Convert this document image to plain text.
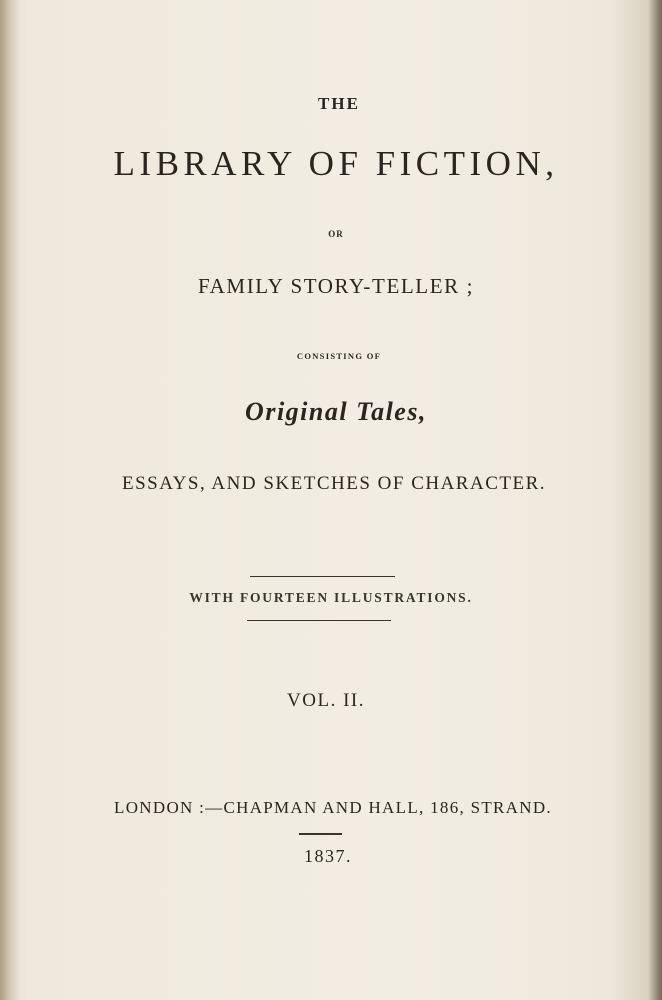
THE
LIBRARY OF FICTION,
OR
FAMILY STORY-TELLER ;
CONSISTING OF
Original Tales,
ESSAYS, AND SKETCHES OF CHARACTER.
WITH FOURTEEN ILLUSTRATIONS.
VOL. II.
LONDON :—CHAPMAN AND HALL, 186, STRAND.
1837.
